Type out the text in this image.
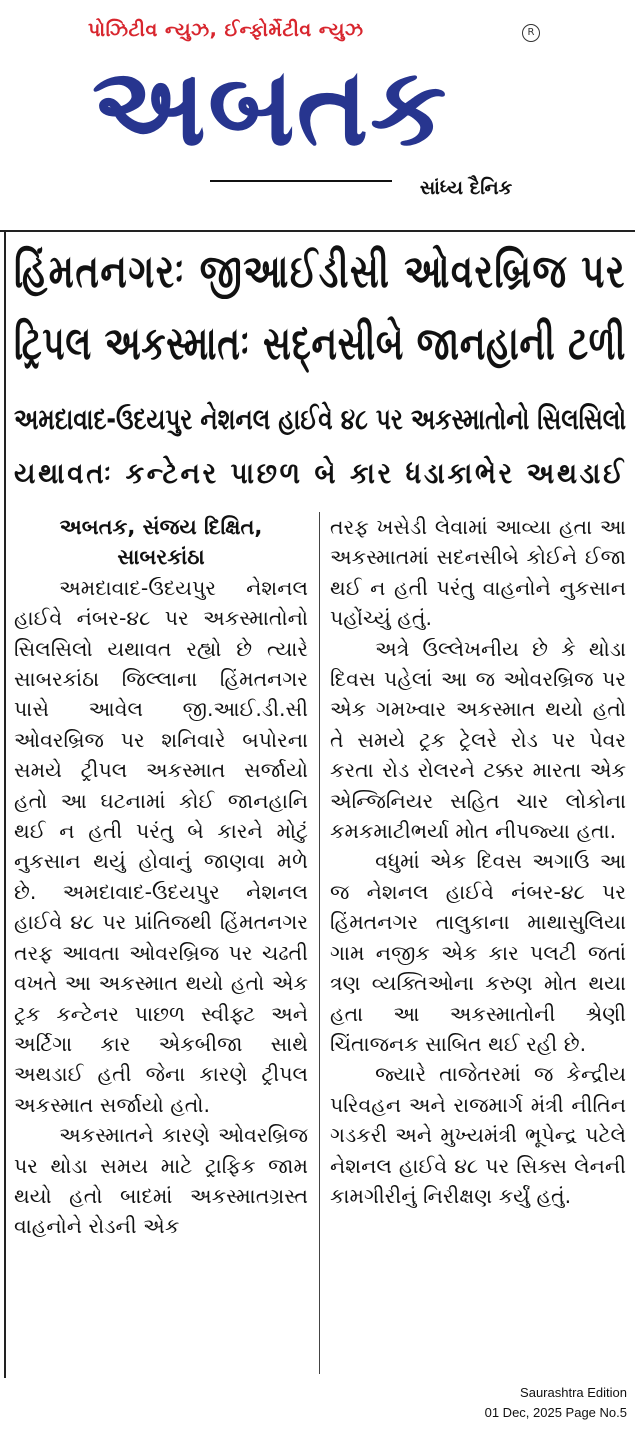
પોઝિટીવ ન્યુઝ, ઈન્ફોર્મેટીવ ન્યુઝ	R
અબતક
સાંધ્ય દૈનિક
હિંમતનગરઃ જીઆઈડીસી ઓવરબ્રિજ પર
ટ્રિપલ અકસ્માતઃ સદ્નસીબે જાનહાની ટળી
અમદાવાદ-ઉદયપુર નેશનલ હાઈવે ૪૮ પર અકસ્માતોનો સિલસિલો
યથાવતઃ કન્ટેનર પાછળ બે કાર ધડાકાભેર અથડાઈ
અબતક, સંજય દિક્ષિત,
સાબરકાંઠા

અમદાવાદ-ઉદયપુર નેશનલ હાઈવે નંબર-૪૮ પર અકસ્માતોનો સિલસિલો યથાવત રહ્યો છે ત્યારે સાબરકાંઠા જિલ્લાના હિંમતનગર પાસે આવેલ જી.આઈ.ડી.સી ઓવરબ્રિજ પર શનિવારે બપોરના સમયે ટ્રીપલ અકસ્માત સર્જાયો હતો આ ઘટનામાં કોઈ જાનહાનિ થઈ ન હતી પરંતુ બે કારને મોટું નુકસાન થયું હોવાનું જાણવા મળે છે. અમદાવાદ-ઉદયપુર નેશનલ હાઈવે ૪૮ પર પ્રાંતિજથી હિંમતનગર તરફ આવતા ઓવરબ્રિજ પર ચઢતી વખતે આ અકસ્માત થયો હતો એક ટ્રક કન્ટેનર પાછળ સ્વીફ્ટ અને અર્ટિગા કાર એકબીજા સાથે અથડાઈ હતી જેના કારણે ટ્રીપલ અકસ્માત સર્જાયો હતો.

અકસ્માતને કારણે ઓવરબ્રિજ પર થોડા સમય માટે ટ્રાફિક જામ થયો હતો બાદમાં અકસ્માતગ્રસ્ત વાહનોને રોડની એક

તરફ ખસેડી લેવામાં આવ્યા હતા આ અકસ્માતમાં સદનસીબે કોઈને ઈજા થઈ ન હતી પરંતુ વાહનોને નુકસાન પહોંચ્યું હતું.

અત્રે ઉલ્લેખનીય છે કે થોડા દિવસ પહેલાં આ જ ઓવરબ્રિજ પર એક ગમખ્વાર અકસ્માત થયો હતો તે સમયે ટ્રક ટ્રેલરે રોડ પર પેવર કરતા રોડ રોલરને ટક્કર મારતા એક એન્જિનિયર સહિત ચાર લોકોના કમકમાટીભર્યા મોત નીપજ્યા હતા.

વધુમાં એક દિવસ અગાઉ આ જ નેશનલ હાઈવે નંબર-૪૮ પર હિંમતનગર તાલુકાના માથાસુલિયા ગામ નજીક એક કાર પલટી જતાં ત્રણ વ્યક્તિઓના કરુણ મોત થયા હતા આ અકસ્માતોની શ્રેણી ચિંતાજનક સાબિત થઈ રહી છે.

જ્યારે તાજેતરમાં જ કેન્દ્રીય પરિવહન અને રાજમાર્ગ મંત્રી નીતિન ગડકરી અને મુખ્યમંત્રી ભૂપેન્દ્ર પટેલે નેશનલ હાઈવે ૪૮ પર સિક્સ લેનની કામગીરીનું નિરીક્ષણ કર્યું હતું.

Saurashtra Edition
01 Dec, 2025 Page No.5
